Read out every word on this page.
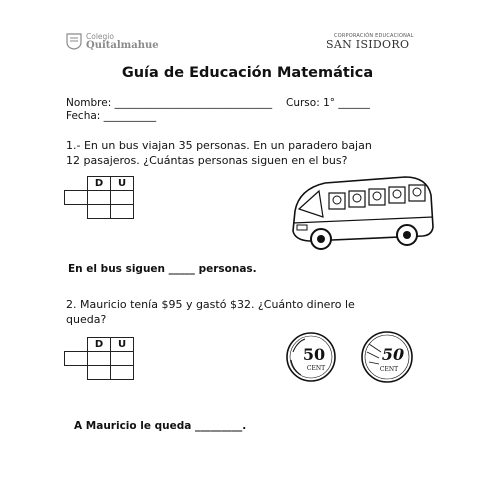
Colegio
Quitalmahue
CORPORACIÓN EDUCACIONAL
SAN ISIDORO
Guía de Educación Matemática
Nombre: ______________________________ Curso: 1° ______
Fecha: __________
1.- En un bus viajan 35 personas. En un paradero bajan
12 pasajeros. ¿Cuántas personas siguen en el bus?
	D	U

En el bus siguen _____ personas.
2. Mauricio tenía $95 y gastó $32. ¿Cuánto dinero le
queda?
	D	U

50
CENT
50
CENT
A Mauricio le queda _________.
